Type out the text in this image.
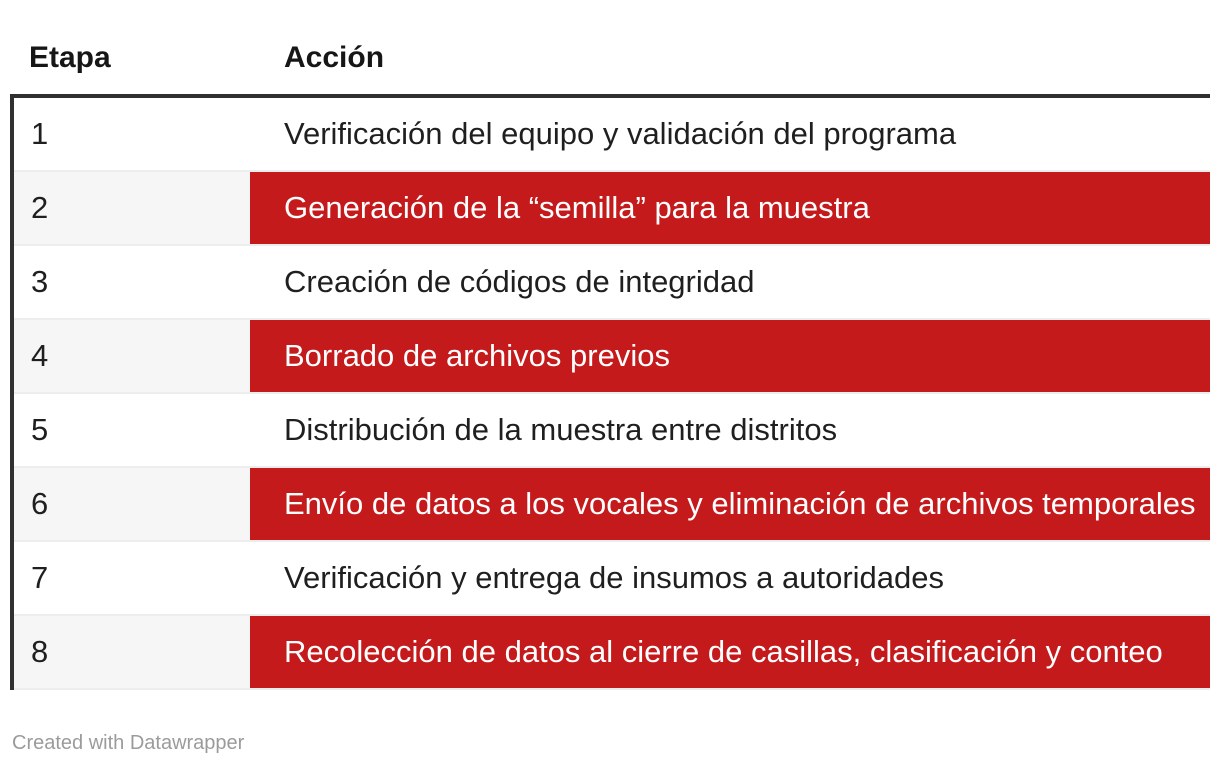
Etapa	Acción
1	Verificación del equipo y validación del programa
2	Generación de la “semilla” para la muestra
3	Creación de códigos de integridad
4	Borrado de archivos previos
5	Distribución de la muestra entre distritos
6	Envío de datos a los vocales y eliminación de archivos temporales
7	Verificación y entrega de insumos a autoridades
8	Recolección de datos al cierre de casillas, clasificación y conteo
Created with Datawrapper
